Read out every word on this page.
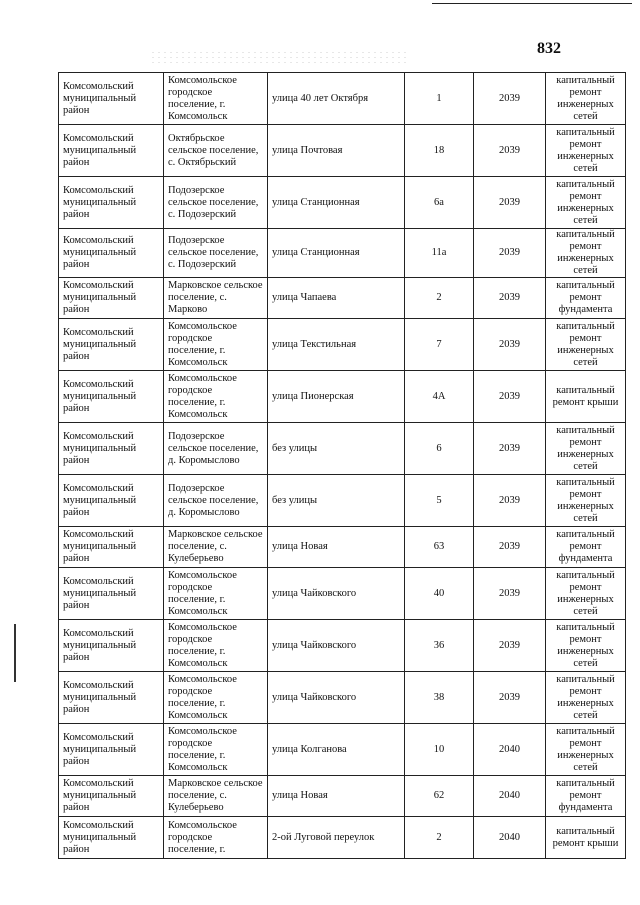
832
Комсомольский муниципальный район	Комсомольское городское поселение, г. Комсомольск	улица 40 лет Октября	1	2039	капитальный ремонт инженерных сетей
Комсомольский муниципальный район	Октябрьское сельское поселение, с. Октябрьский	улица Почтовая	18	2039	капитальный ремонт инженерных сетей
Комсомольский муниципальный район	Подозерское сельское поселение, с. Подозерский	улица Станционная	6а	2039	капитальный ремонт инженерных сетей
Комсомольский муниципальный район	Подозерское сельское поселение, с. Подозерский	улица Станционная	11а	2039	капитальный ремонт инженерных сетей
Комсомольский муниципальный район	Марковское сельское поселение, с. Марково	улица Чапаева	2	2039	капитальный ремонт фундамента
Комсомольский муниципальный район	Комсомольское городское поселение, г. Комсомольск	улица Текстильная	7	2039	капитальный ремонт инженерных сетей
Комсомольский муниципальный район	Комсомольское городское поселение, г. Комсомольск	улица Пионерская	4А	2039	капитальный ремонт крыши
Комсомольский муниципальный район	Подозерское сельское поселение, д. Коромыслово	без улицы	6	2039	капитальный ремонт инженерных сетей
Комсомольский муниципальный район	Подозерское сельское поселение, д. Коромыслово	без улицы	5	2039	капитальный ремонт инженерных сетей
Комсомольский муниципальный район	Марковское сельское поселение, с. Кулеберьево	улица Новая	63	2039	капитальный ремонт фундамента
Комсомольский муниципальный район	Комсомольское городское поселение, г. Комсомольск	улица Чайковского	40	2039	капитальный ремонт инженерных сетей
Комсомольский муниципальный район	Комсомольское городское поселение, г. Комсомольск	улица Чайковского	36	2039	капитальный ремонт инженерных сетей
Комсомольский муниципальный район	Комсомольское городское поселение, г. Комсомольск	улица Чайковского	38	2039	капитальный ремонт инженерных сетей
Комсомольский муниципальный район	Комсомольское городское поселение, г. Комсомольск	улица Колганова	10	2040	капитальный ремонт инженерных сетей
Комсомольский муниципальный район	Марковское сельское поселение, с. Кулеберьево	улица Новая	62	2040	капитальный ремонт фундамента
Комсомольский муниципальный район	Комсомольское городское поселение, г.	2-ой Луговой переулок	2	2040	капитальный ремонт крыши
